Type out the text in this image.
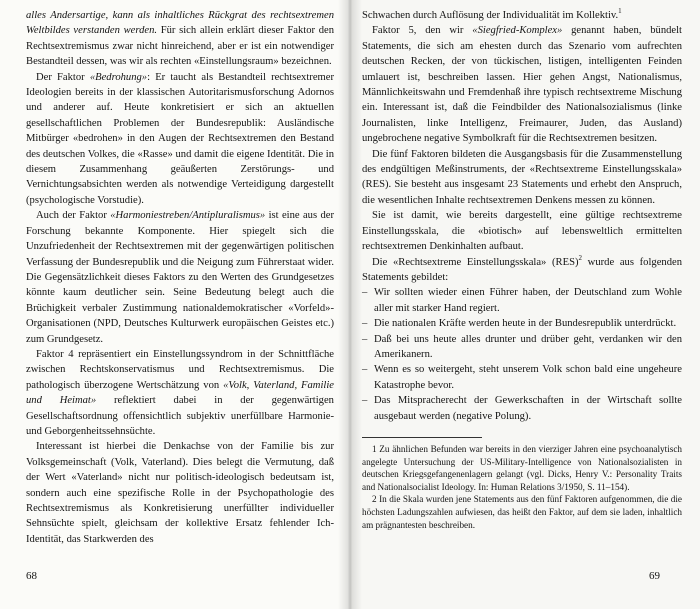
alles Andersartige, kann als inhaltliches Rückgrat des rechtsextremen Weltbildes verstanden werden. Für sich allein erklärt dieser Faktor den Rechtsextremismus zwar nicht hinreichend, aber er ist ein notwendiger Bestandteil dessen, was wir als rechten «Einstellungsraum» bezeichnen.

Der Faktor «Bedrohung»: Er taucht als Bestandteil rechtsextremer Ideologien bereits in der klassischen Autoritarismusforschung Adornos und anderer auf. Heute konkretisiert er sich an aktuellen gesellschaftlichen Problemen der Bundesrepublik: Ausländische Mitbürger «bedrohen» in den Augen der Rechtsextremen den Bestand des deutschen Volkes, die «Rasse» und damit die eigene Identität. Die in diesem Zusammenhang geäußerten Zerstörungs- und Vernichtungsabsichten werden als notwendige Verteidigung dargestellt (psychologische Vorstudie).

Auch der Faktor «Harmoniestreben/Antipluralismus» ist eine aus der Forschung bekannte Komponente. Hier spiegelt sich die Unzufriedenheit der Rechtsextremen mit der gegenwärtigen politischen Verfassung der Bundesrepublik und die Neigung zum Führerstaat wider. Die Gegensätzlichkeit dieses Faktors zu den Werten des Grundgesetzes könnte kaum deutlicher sein. Seine Bedeutung belegt auch die Brüchigkeit verbaler Zustimmung nationaldemokratischer «Vorfeld»-Organisationen (NPD, Deutsches Kulturwerk europäischen Geistes etc.) zum Grundgesetz.

Faktor 4 repräsentiert ein Einstellungssyndrom in der Schnittfläche zwischen Rechtskonservatismus und Rechtsextremismus. Die pathologisch überzogene Wertschätzung von «Volk, Vaterland, Familie und Heimat» reflektiert dabei in der gegenwärtigen Gesellschaftsordnung offensichtlich subjektiv unerfüllbare Harmonie- und Geborgenheitssehnsüchte.

Interessant ist hierbei die Denkachse von der Familie bis zur Volksgemeinschaft (Volk, Vaterland). Dies belegt die Vermutung, daß der Wert «Vaterland» nicht nur politisch-ideologisch bedeutsam ist, sondern auch eine spezifische Rolle in der Psychopathologie des Rechtsextremismus als Konkretisierung unerfüllter individueller Sehnsüchte spielt, gleichsam der kollektive Ersatz fehlender Ich-Identität, das Starkwerden des

68

Schwachen durch Auflösung der Individualität im Kollektiv.$^1$

Faktor 5, den wir «Siegfried-Komplex» genannt haben, bündelt Statements, die sich am ehesten durch das Szenario vom aufrechten deutschen Recken, der von tückischen, listigen, intelligenten Feinden umlauert ist, beschreiben lassen. Hier gehen Angst, Nationalismus, Männlichkeitswahn und Fremdenhaß ihre typisch rechtsextreme Mischung ein. Interessant ist, daß die Feindbilder des Nationalsozialismus (linke Journalisten, linke Intelligenz, Freimaurer, Juden, das Ausland) ungebrochene negative Symbolkraft für die Rechtsextremen besitzen.

Die fünf Faktoren bildeten die Ausgangsbasis für die Zusammenstellung des endgültigen Meßinstruments, der «Rechtsextreme Einstellungsskala» (RES). Sie besteht aus insgesamt 23 Statements und erhebt den Anspruch, die wesentlichen Inhalte rechtsextremen Denkens messen zu können.

Sie ist damit, wie bereits dargestellt, eine gültige rechtsextreme Einstellungsskala, die «biotisch» auf lebensweltlich ermittelten rechtsextremen Denkinhalten aufbaut.

Die «Rechtsextreme Einstellungsskala» (RES)$^2$ wurde aus folgenden Statements gebildet:

– Wir sollten wieder einen Führer haben, der Deutschland zum Wohle aller mit starker Hand regiert.
– Die nationalen Kräfte werden heute in der Bundesrepublik unterdrückt.
– Daß bei uns heute alles drunter und drüber geht, verdanken wir den Amerikanern.
– Wenn es so weitergeht, steht unserem Volk schon bald eine ungeheure Katastrophe bevor.
– Das Mitspracherecht der Gewerkschaften in der Wirtschaft sollte ausgebaut werden (negative Polung).

1 Zu ähnlichen Befunden war bereits in den vierziger Jahren eine psychoanalytisch angelegte Untersuchung der US-Military-Intelligence von Nationalsozialisten in deutschen Kriegsgefangenenlagern gelangt (vgl. Dicks, Henry V.: Personality Traits and Nationalsocialist Ideology. In: Human Relations 3/1950, S. 11–154).

2 In die Skala wurden jene Statements aus den fünf Faktoren aufgenommen, die die höchsten Ladungszahlen aufwiesen, das heißt den Faktor, auf dem sie laden, inhaltlich am prägnantesten beschreiben.

69
